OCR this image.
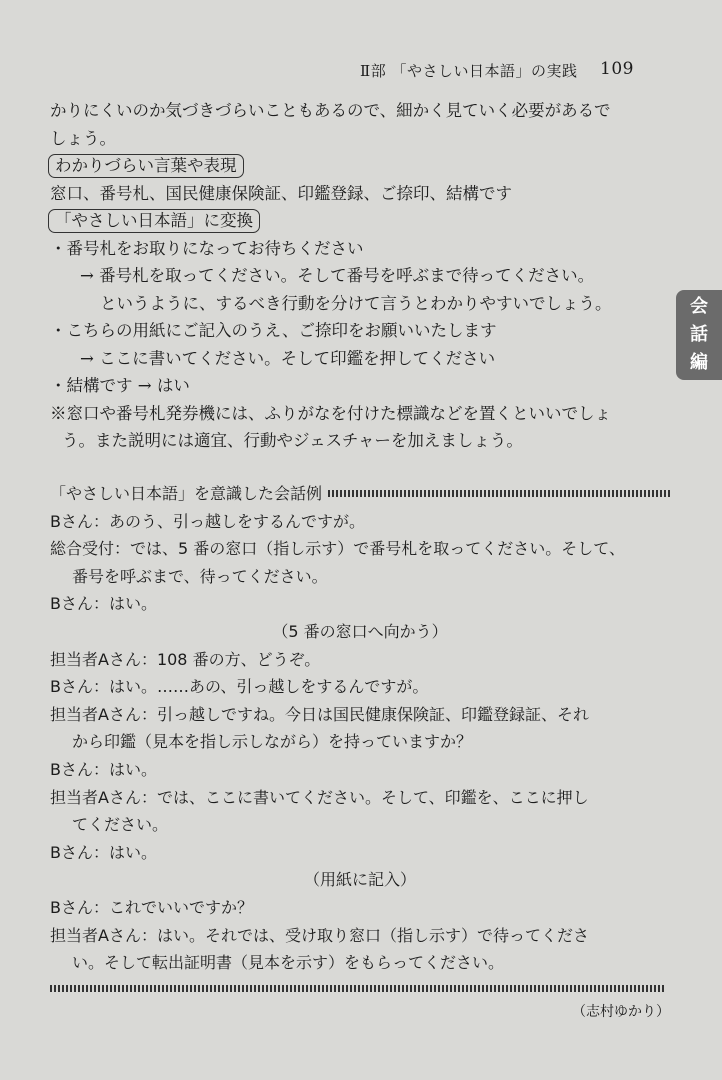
Ⅱ部 「やさしい日本語」の実践 109
会
話
編
かりにくいのか気づきづらいこともあるので、細かく見ていく必要があるで
しょう。
わかりづらい言葉や表現
窓口、番号札、国民健康保険証、印鑑登録、ご捺印、結構です
「やさしい日本語」に変換
・番号札をお取りになってお待ちください
→ 番号札を取ってください。そして番号を呼ぶまで待ってください。
というように、するべき行動を分けて言うとわかりやすいでしょう。
・こちらの用紙にご記入のうえ、ご捺印をお願いいたします
→ ここに書いてください。そして印鑑を押してください
・結構です → はい
※窓口や番号札発券機には、ふりがなを付けた標識などを置くといいでしょ
う。また説明には適宜、行動やジェスチャーを加えましょう。
「やさしい日本語」を意識した会話例
Bさん：あのう、引っ越しをするんですが。
総合受付：では、5 番の窓口（指し示す）で番号札を取ってください。そして、
番号を呼ぶまで、待ってください。
Bさん：はい。
（5 番の窓口へ向かう）
担当者Aさん：108 番の方、どうぞ。
Bさん：はい。……あの、引っ越しをするんですが。
担当者Aさん：引っ越しですね。今日は国民健康保険証、印鑑登録証、それ
から印鑑（見本を指し示しながら）を持っていますか？
Bさん：はい。
担当者Aさん：では、ここに書いてください。そして、印鑑を、ここに押し
てください。
Bさん：はい。
（用紙に記入）
Bさん：これでいいですか？
担当者Aさん：はい。それでは、受け取り窓口（指し示す）で待ってくださ
い。そして転出証明書（見本を示す）をもらってください。
（志村ゆかり）
